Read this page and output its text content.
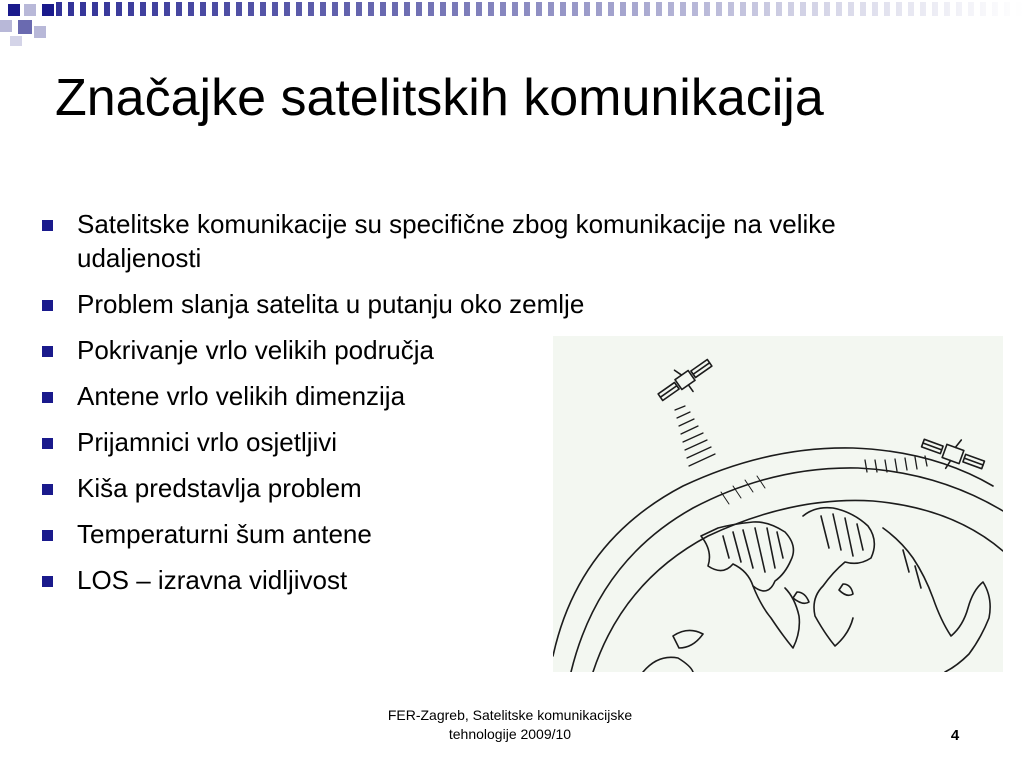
Značajke satelitskih komunikacija
Satelitske komunikacije su specifične zbog komunikacije na velike udaljenosti
Problem slanja satelita u putanju oko zemlje
Pokrivanje vrlo velikih područja
Antene vrlo velikih dimenzija
Prijamnici vrlo osjetljivi
Kiša predstavlja problem
Temperaturni šum antene
LOS – izravna vidljivost
FER-Zagreb, Satelitske komunikacijske
tehnologije 2009/10	4
